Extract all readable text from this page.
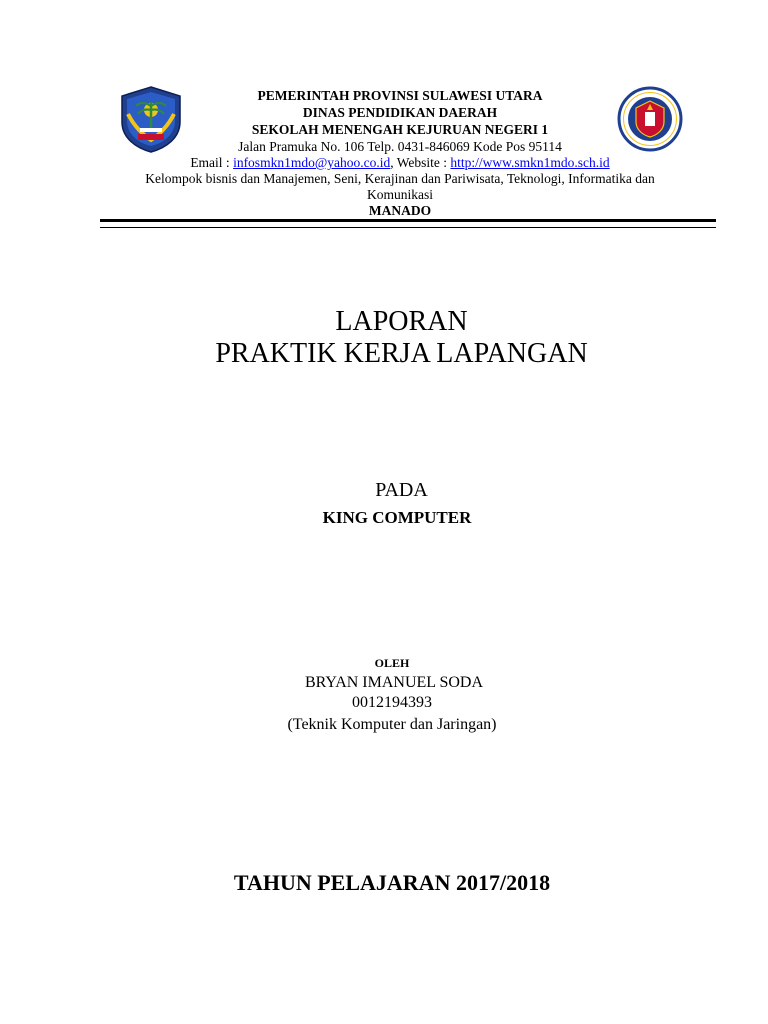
PEMERINTAH PROVINSI SULAWESI UTARA
DINAS PENDIDIKAN DAERAH
SEKOLAH MENENGAH KEJURUAN NEGERI 1
Jalan Pramuka No. 106 Telp. 0431-846069 Kode Pos 95114
Email : infosmkn1mdo@yahoo.co.id, Website : http://www.smkn1mdo.sch.id
Kelompok bisnis dan Manajemen, Seni, Kerajinan dan Pariwisata, Teknologi, Informatika dan
Komunikasi
MANADO
LAPORAN
PRAKTIK KERJA LAPANGAN
PADA
KING COMPUTER
OLEH
BRYAN IMANUEL SODA
0012194393
(Teknik Komputer dan Jaringan)
TAHUN PELAJARAN 2017/2018
